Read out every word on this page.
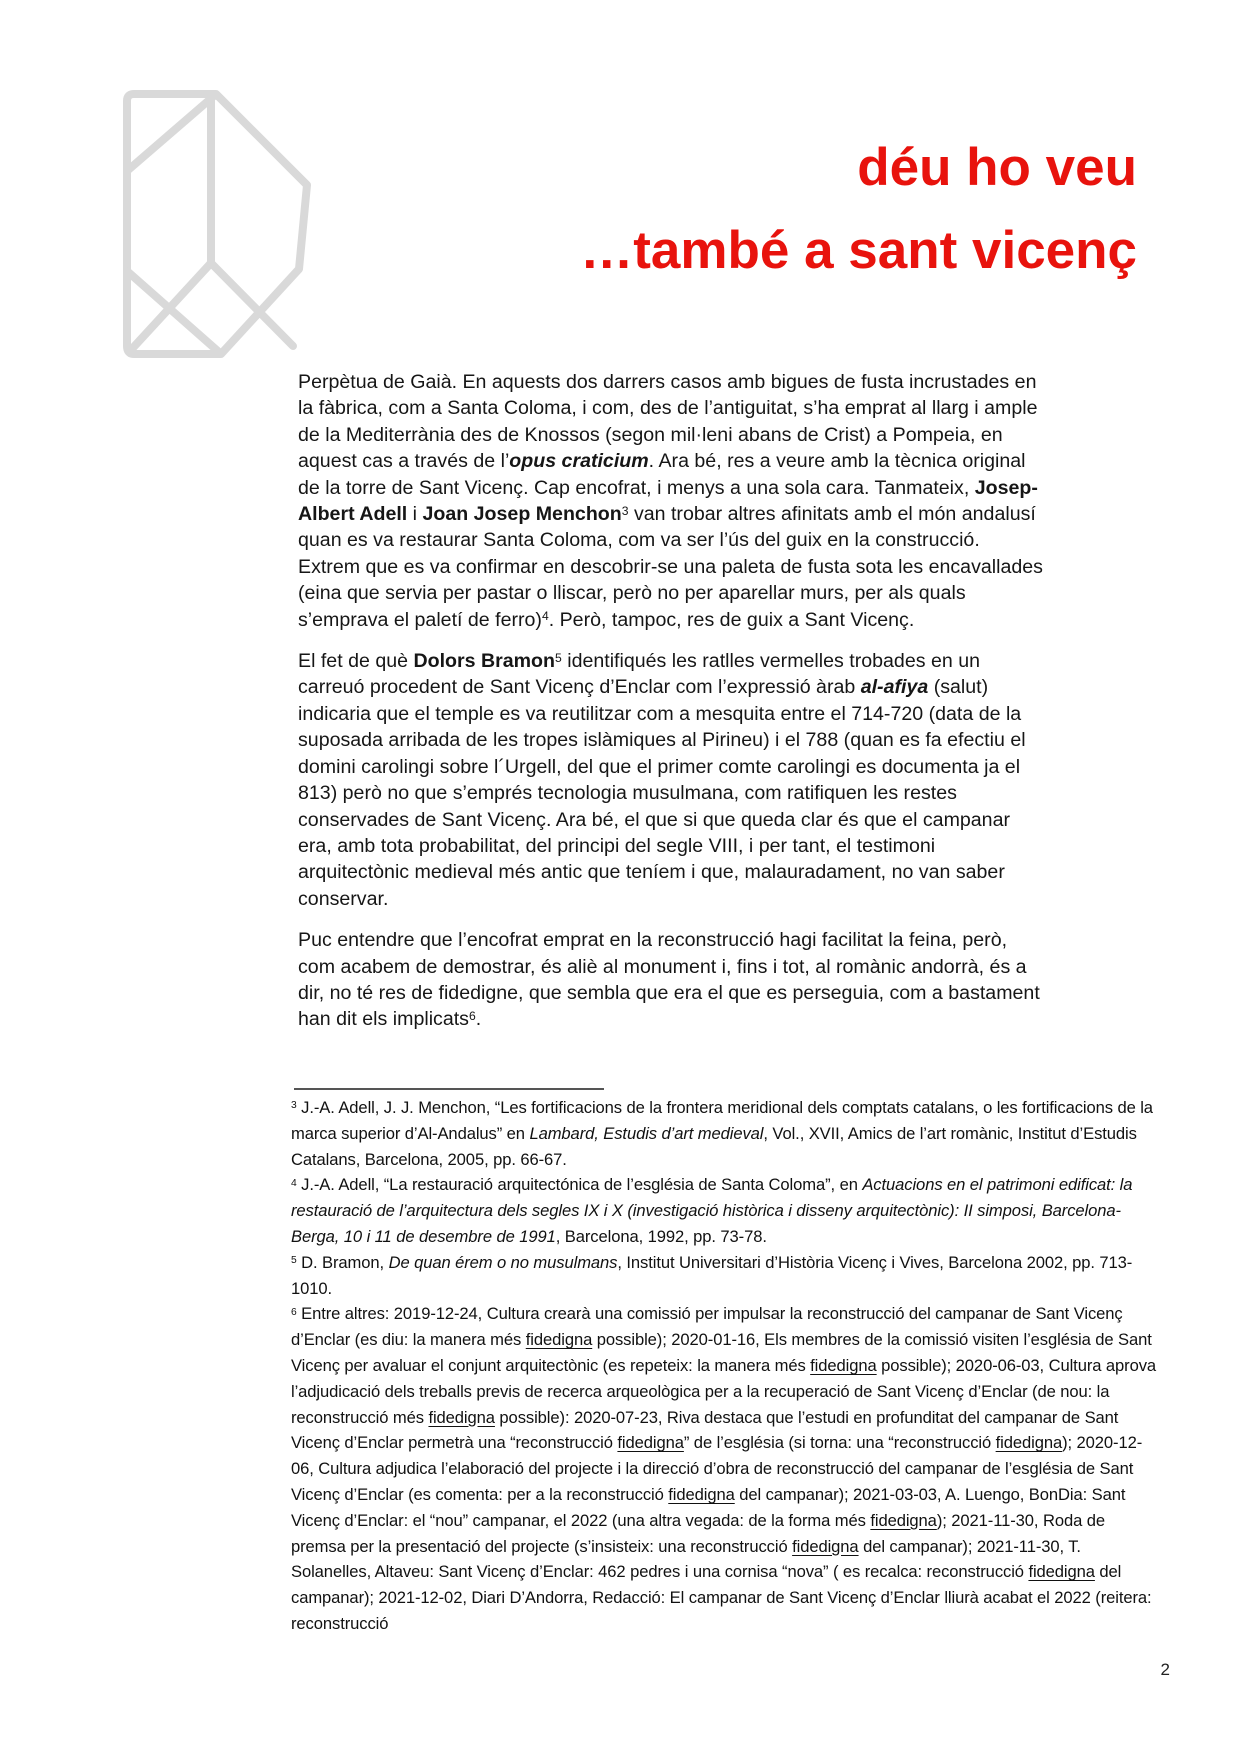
déu ho veu
…també a sant vicenç

Perpètua de Gaià. En aquests dos darrers casos amb bigues de fusta incrustades en la fàbrica, com a Santa Coloma, i com, des de l’antiguitat, s’ha emprat al llarg i ample de la Mediterrània des de Knossos (segon mil·leni abans de Crist) a Pompeia, en aquest cas a través de l’opus craticium. Ara bé, res a veure amb la tècnica original de la torre de Sant Vicenç. Cap encofrat, i menys a una sola cara. Tanmateix, Josep-Albert Adell i Joan Josep Menchon$^3$ van trobar altres afinitats amb el món andalusí quan es va restaurar Santa Coloma, com va ser l’ús del guix en la construcció. Extrem que es va confirmar en descobrir-se una paleta de fusta sota les encavallades (eina que servia per pastar o lliscar, però no per aparellar murs, per als quals s’emprava el paletí de ferro)$^4$. Però, tampoc, res de guix a Sant Vicenç.

El fet de què Dolors Bramon$^5$ identifiqués les ratlles vermelles trobades en un carreuó procedent de Sant Vicenç d’Enclar com l’expressió àrab al-afiya (salut) indicaria que el temple es va reutilitzar com a mesquita entre el 714-720 (data de la suposada arribada de les tropes islàmiques al Pirineu) i el 788 (quan es fa efectiu el domini carolingi sobre l´Urgell, del que el primer comte carolingi es documenta ja el 813) però no que s’emprés tecnologia musulmana, com ratifiquen les restes conservades de Sant Vicenç. Ara bé, el que si que queda clar és que el campanar era, amb tota probabilitat, del principi del segle VIII, i per tant, el testimoni arquitectònic medieval més antic que teníem i que, malauradament, no van saber conservar.

Puc entendre que l’encofrat emprat en la reconstrucció hagi facilitat la feina, però, com acabem de demostrar, és aliè al monument i, fins i tot, al romànic andorrà, és a dir, no té res de fidedigne, que sembla que era el que es perseguia, com a bastament han dit els implicats$^6$.

$^3$ J.-A. Adell, J. J. Menchon, “Les fortificacions de la frontera meridional dels comptats catalans, o les fortificacions de la marca superior d’Al-Andalus” en Lambard, Estudis d’art medieval, Vol., XVII, Amics de l’art romànic, Institut d’Estudis Catalans, Barcelona, 2005, pp. 66-67.

$^4$ J.-A. Adell, “La restauració arquitectónica de l’església de Santa Coloma”, en Actuacions en el patrimoni edificat: la restauració de l’arquitectura dels segles IX i X (investigació històrica i disseny arquitectònic): II simposi, Barcelona-Berga, 10 i 11 de desembre de 1991, Barcelona, 1992, pp. 73-78.

$^5$ D. Bramon, De quan érem o no musulmans, Institut Universitari d’Història Vicenç i Vives, Barcelona 2002, pp. 713-1010.

$^6$ Entre altres: 2019-12-24, Cultura crearà una comissió per impulsar la reconstrucció del campanar de Sant Vicenç d’Enclar (es diu: la manera més fidedigna possible); 2020-01-16, Els membres de la comissió visiten l’església de Sant Vicenç per avaluar el conjunt arquitectònic (es repeteix: la manera més fidedigna possible); 2020-06-03, Cultura aprova l’adjudicació dels treballs previs de recerca arqueològica per a la recuperació de Sant Vicenç d’Enclar (de nou: la reconstrucció més fidedigna possible): 2020-07-23, Riva destaca que l’estudi en profunditat del campanar de Sant Vicenç d’Enclar permetrà una “reconstrucció fidedigna” de l’església (si torna: una “reconstrucció fidedigna); 2020-12-06, Cultura adjudica l’elaboració del projecte i la direcció d’obra de reconstrucció del campanar de l’església de Sant Vicenç d’Enclar (es comenta: per a la reconstrucció fidedigna del campanar); 2021-03-03, A. Luengo, BonDia: Sant Vicenç d’Enclar: el “nou” campanar, el 2022 (una altra vegada: de la forma més fidedigna); 2021-11-30, Roda de premsa per la presentació del projecte (s’insisteix: una reconstrucció fidedigna del campanar); 2021-11-30, T. Solanelles, Altaveu: Sant Vicenç d’Enclar: 462 pedres i una cornisa “nova” ( es recalca: reconstrucció fidedigna del campanar); 2021-12-02, Diari D’Andorra, Redacció: El campanar de Sant Vicenç d’Enclar lliurà acabat el 2022 (reitera: reconstrucció

2
